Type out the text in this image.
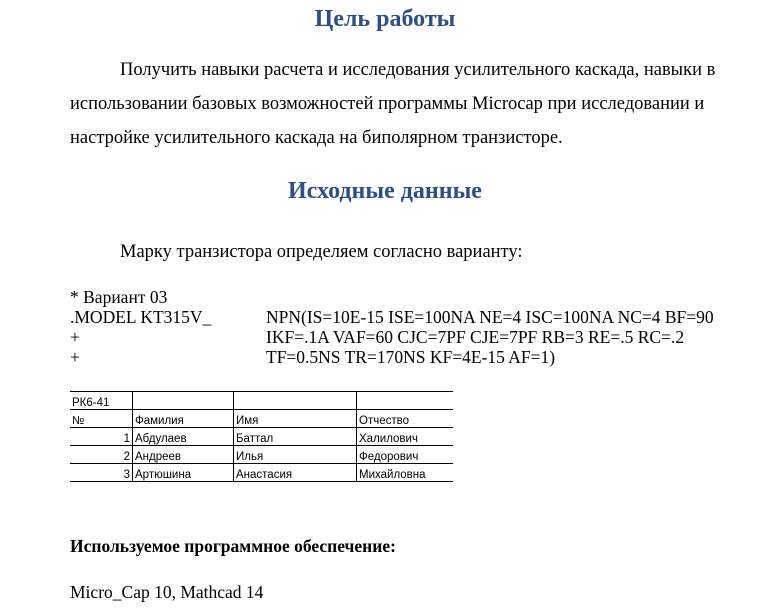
Цель работы

Получить навыки расчета и исследования усилительного каскада, навыки в использовании базовых возможностей программы Microcap при исследовании и настройке усилительного каскада на биполярном транзисторе.

Исходные данные

Марку транзистора определяем согласно варианту:

* Вариант 03
.MODEL KT315V_	NPN(IS=10E-15 ISE=100NA NE=4 ISC=100NA NC=4 BF=90
+	IKF=.1A VAF=60 CJC=7PF CJE=7PF RB=3 RE=.5 RC=.2
+	TF=0.5NS TR=170NS KF=4E-15 AF=1)
РК6-41			
№	Фамилия	Имя	Отчество
1	Абдулаев	Баттал	Халилович
2	Андреев	Илья	Федорович
3	Артюшина	Анастасия	Михайловна

Используемое программное обеспечение:

Micro_Cap 10, Mathcad 14
